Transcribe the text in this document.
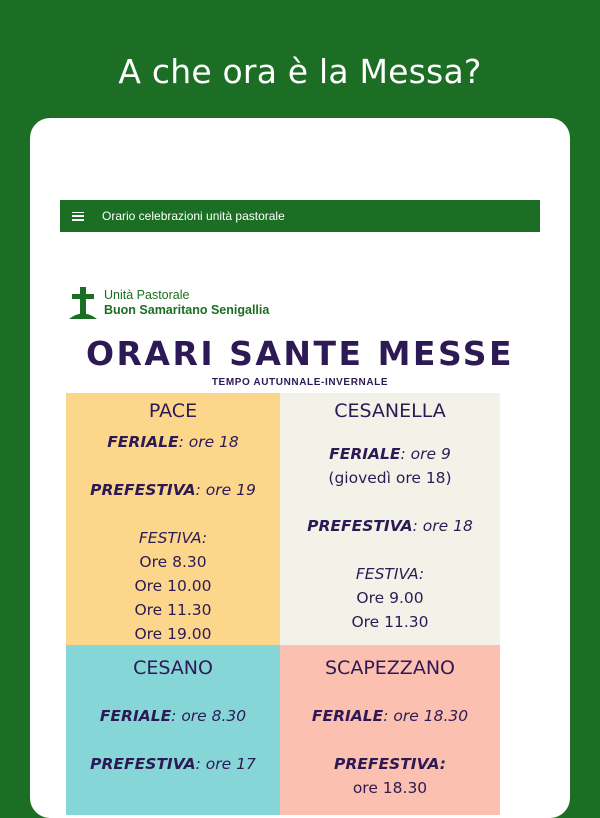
A che ora è la Messa?
Orario celebrazioni unità pastorale
Unità Pastorale
Buon Samaritano Senigallia
ORARI SANTE MESSE
TEMPO AUTUNNALE-INVERNALE
PACE
FERIALE: ore 18
PREFESTIVA: ore 19
FESTIVA:
Ore 8.30
Ore 10.00
Ore 11.30
Ore 19.00
CESANELLA
FERIALE: ore 9
(giovedì ore 18)
PREFESTIVA: ore 18
FESTIVA:
Ore 9.00
Ore 11.30
CESANO
FERIALE: ore 8.30
PREFESTIVA: ore 17
SCAPEZZANO
FERIALE: ore 18.30
PREFESTIVA:
ore 18.30
